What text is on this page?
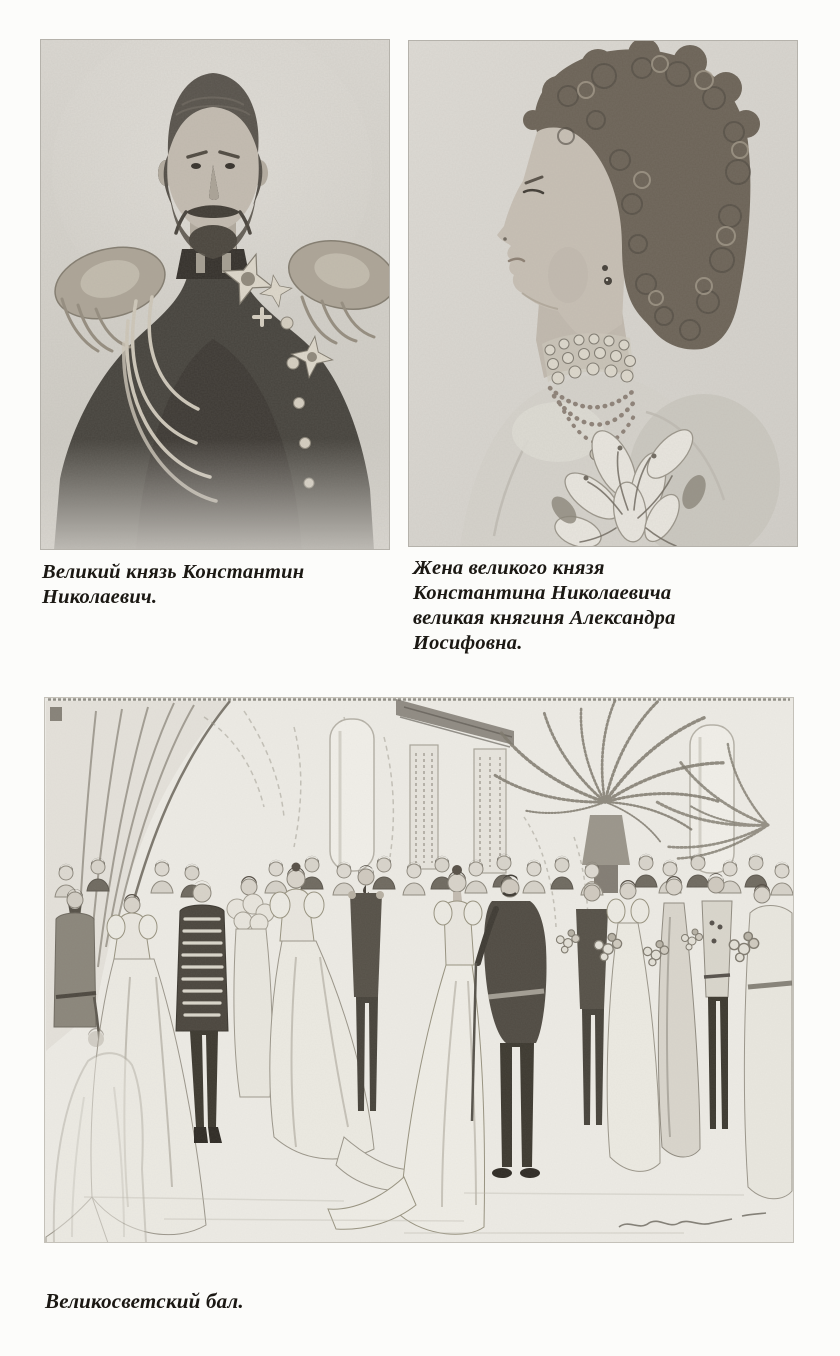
Великий князь Константин
Николаевич.
Жена великого князя
Константина Николаевича
великая княгиня Александра
Иосифовна.
Великосветский бал.
